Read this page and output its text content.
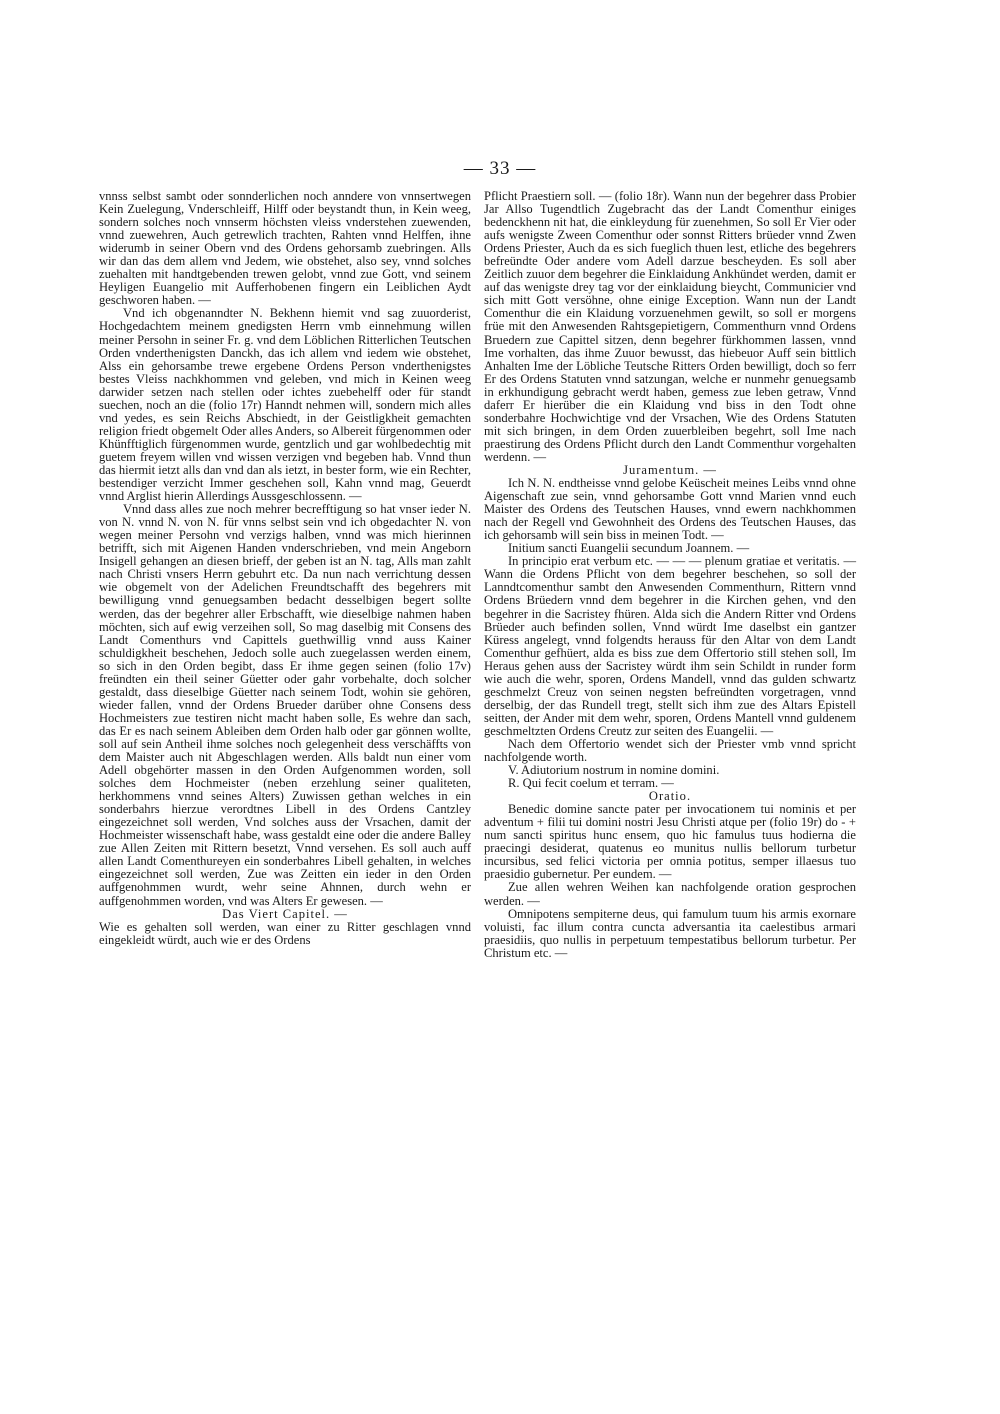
— 33 —

vnnss selbst sambt oder sonnderlichen noch anndere von vnnsertwegen Kein Zuelegung, Vnderschleiff, Hilff oder beystandt thun, in Kein weeg, sondern solches noch vnnserm höchsten vleiss vnderstehen zuewenden, vnnd zuewehren, Auch getrewlich trachten, Rahten vnnd Helffen, ihne widerumb in seiner Obern vnd des Ordens gehorsamb zuebringen. Alls wir dan das dem allem vnd Jedem, wie obstehet, also sey, vnnd solches zuehalten mit handtgebenden trewen gelobt, vnnd zue Gott, vnd seinem Heyligen Euangelio mit Aufferhobenen fingern ein Leiblichen Aydt geschworen haben. —

Vnd ich obgenanndter N. Bekhenn hiemit vnd sag zuuorderist, Hochgedachtem meinem gnedigsten Herrn vmb einnehmung willen meiner Persohn in seiner Fr. g. vnd dem Löblichen Ritterlichen Teutschen Orden vnderthenigsten Danckh, das ich allem vnd iedem wie obstehet, Alss ein gehorsambe trewe ergebene Ordens Person vnderthenigstes bestes Vleiss nachkhommen vnd geleben, vnd mich in Keinen weeg darwider setzen nach stellen oder ichtes zuebehelff oder für standt suechen, noch an die (folio 17r) Hanndt nehmen will, sondern mich alles vnd yedes, es sein Reichs Abschiedt, in der Geistligkheit gemachten religion friedt obgemelt Oder alles Anders, so Albereit fürgenommen oder Khünfftiglich fürgenommen wurde, gentzlich und gar wohlbedechtig mit guetem freyem willen vnd wissen verzigen vnd begeben hab. Vnnd thun das hiermit ietzt alls dan vnd dan als ietzt, in bester form, wie ein Rechter, bestendiger verzicht Immer geschehen soll, Kahn vnnd mag, Geuerdt vnnd Arglist hierin Allerdings Aussgeschlossenn. —

Vnnd dass alles zue noch mehrer becrefftigung so hat vnser ieder N. von N. vnnd N. von N. für vnns selbst sein vnd ich obgedachter N. von wegen meiner Persohn vnd verzigs halben, vnnd was mich hierinnen betrifft, sich mit Aigenen Handen vnderschrieben, vnd mein Angeborn Insigell gehangen an diesen brieff, der geben ist an N. tag, Alls man zahlt nach Christi vnsers Herrn gebuhrt etc. Da nun nach verrichtung dessen wie obgemelt von der Adelichen Freundtschafft des begehrers mit bewilligung vnnd genuegsamben bedacht desselbigen begert sollte werden, das der begehrer aller Erbschafft, wie dieselbige nahmen haben möchten, sich auf ewig verzeihen soll, So mag daselbig mit Consens des Landt Comenthurs vnd Capittels guethwillig vnnd auss Kainer schuldigkheit beschehen, Jedoch solle auch zuegelassen werden einem, so sich in den Orden begibt, dass Er ihme gegen seinen (folio 17v) freündten ein theil seiner Güetter oder gahr vorbehalte, doch solcher gestaldt, dass dieselbige Güetter nach seinem Todt, wohin sie gehören, wieder fallen, vnnd der Ordens Brueder darüber ohne Consens dess Hochmeisters zue testiren nicht macht haben solle, Es wehre dan sach, das Er es nach seinem Ableiben dem Orden halb oder gar gönnen wollte, soll auf sein Antheil ihme solches noch gelegenheit dess verschäffts von dem Maister auch nit Abgeschlagen werden. Alls baldt nun einer vom Adell obgehörter massen in den Orden Aufgenommen worden, soll solches dem Hochmeister (neben erzehlung seiner qualiteten, herkhommens vnnd seines Alters) Zuwissen gethan welches in ein sonderbahrs hierzue verordtnes Libell in des Ordens Cantzley eingezeichnet soll werden, Vnd solches auss der Vrsachen, damit der Hochmeister wissenschaft habe, wass gestaldt eine oder die andere Balley zue Allen Zeiten mit Rittern besetzt, Vnnd versehen. Es soll auch auff allen Landt Comenthureyen ein sonderbahres Libell gehalten, in welches eingezeichnet soll werden, Zue was Zeitten ein ieder in den Orden auffgenohmmen wurdt, wehr seine Ahnnen, durch wehn er auffgenohmmen worden, vnd was Alters Er gewesen. —

Das Viert Capitel. —

Wie es gehalten soll werden, wan einer zu Ritter geschlagen vnnd eingekleidt würdt, auch wie er des Ordens

Pflicht Praestiern soll. — (folio 18r). Wann nun der begehrer dass Probier Jar Allso Tugendtlich Zugebracht das der Landt Comenthur einiges bedenckhenn nit hat, die einkleydung für zuenehmen, So soll Er Vier oder aufs wenigste Zween Comenthur oder sonnst Ritters brüeder vnnd Zwen Ordens Priester, Auch da es sich fueglich thuen lest, etliche des begehrers befreündte Oder andere vom Adell darzue bescheyden. Es soll aber Zeitlich zuuor dem begehrer die Einklaidung Ankhündet werden, damit er auf das wenigste drey tag vor der einklaidung bieycht, Communicier vnd sich mitt Gott versöhne, ohne einige Exception. Wann nun der Landt Comenthur die ein Klaidung vorzuenehmen gewilt, so soll er morgens früe mit den Anwesenden Rahtsgepietigern, Commenthurn vnnd Ordens Bruedern zue Capittel sitzen, denn begehrer fürkhommen lassen, vnnd Ime vorhalten, das ihme Zuuor bewusst, das hiebeuor Auff sein bittlich Anhalten Ime der Löbliche Teutsche Ritters Orden bewilligt, doch so ferr Er des Ordens Statuten vnnd satzungan, welche er nunmehr genuegsamb in erkhundigung gebracht werdt haben, gemess zue leben getraw, Vnnd daferr Er hierüber die ein Klaidung vnd biss in den Todt ohne sonderbahre Hochwichtige vnd der Vrsachen, Wie des Ordens Statuten mit sich bringen, in dem Orden zuuerbleiben begehrt, soll Ime nach praestirung des Ordens Pflicht durch den Landt Commenthur vorgehalten werdenn. —

Juramentum. —

Ich N. N. endtheisse vnnd gelobe Keüscheit meines Leibs vnnd ohne Aigenschaft zue sein, vnnd gehorsambe Gott vnnd Marien vnnd euch Maister des Ordens des Teutschen Hauses, vnnd ewern nachkhommen nach der Regell vnd Gewohnheit des Ordens des Teutschen Hauses, das ich gehorsamb will sein biss in meinen Todt. —

Initium sancti Euangelii secundum Joannem. —

In principio erat verbum etc. — — — plenum gratiae et veritatis. — Wann die Ordens Pflicht von dem begehrer beschehen, so soll der Lanndtcomenthur sambt den Anwesenden Commenthurn, Rittern vnnd Ordens Brüedern vnnd dem begehrer in die Kirchen gehen, vnd den begehrer in die Sacristey fhüren. Alda sich die Andern Ritter vnd Ordens Brüeder auch befinden sollen, Vnnd würdt Ime daselbst ein gantzer Küress angelegt, vnnd folgendts herauss für den Altar von dem Landt Comenthur gefhüert, alda es biss zue dem Offertorio still stehen soll, Im Heraus gehen auss der Sacristey würdt ihm sein Schildt in runder form wie auch die wehr, sporen, Ordens Mandell, vnnd das gulden schwartz geschmelzt Creuz von seinen negsten befreündten vorgetragen, vnnd derselbig, der das Rundell tregt, stellt sich ihm zue des Altars Epistell seitten, der Ander mit dem wehr, sporen, Ordens Mantell vnnd guldenem geschmeltzten Ordens Creutz zur seiten des Euangelii. —

Nach dem Offertorio wendet sich der Priester vmb vnnd spricht nachfolgende worth.

V. Adiutorium nostrum in nomine domini.

R. Qui fecit coelum et terram. —

Oratio.

Benedic domine sancte pater per invocationem tui nominis et per adventum + filii tui domini nostri Jesu Christi atque per (folio 19r) do - + num sancti spiritus hunc ensem, quo hic famulus tuus hodierna die praecingi desiderat, quatenus eo munitus nullis bellorum turbetur incursibus, sed felici victoria per omnia potitus, semper illaesus tuo praesidio gubernetur. Per eundem. —

Zue allen wehren Weihen kan nachfolgende oration gesprochen werden. —

Omnipotens sempiterne deus, qui famulum tuum his armis exornare voluisti, fac illum contra cuncta adversantia ita caelestibus armari praesidiis, quo nullis in perpetuum tempestatibus bellorum turbetur. Per Christum etc. —
